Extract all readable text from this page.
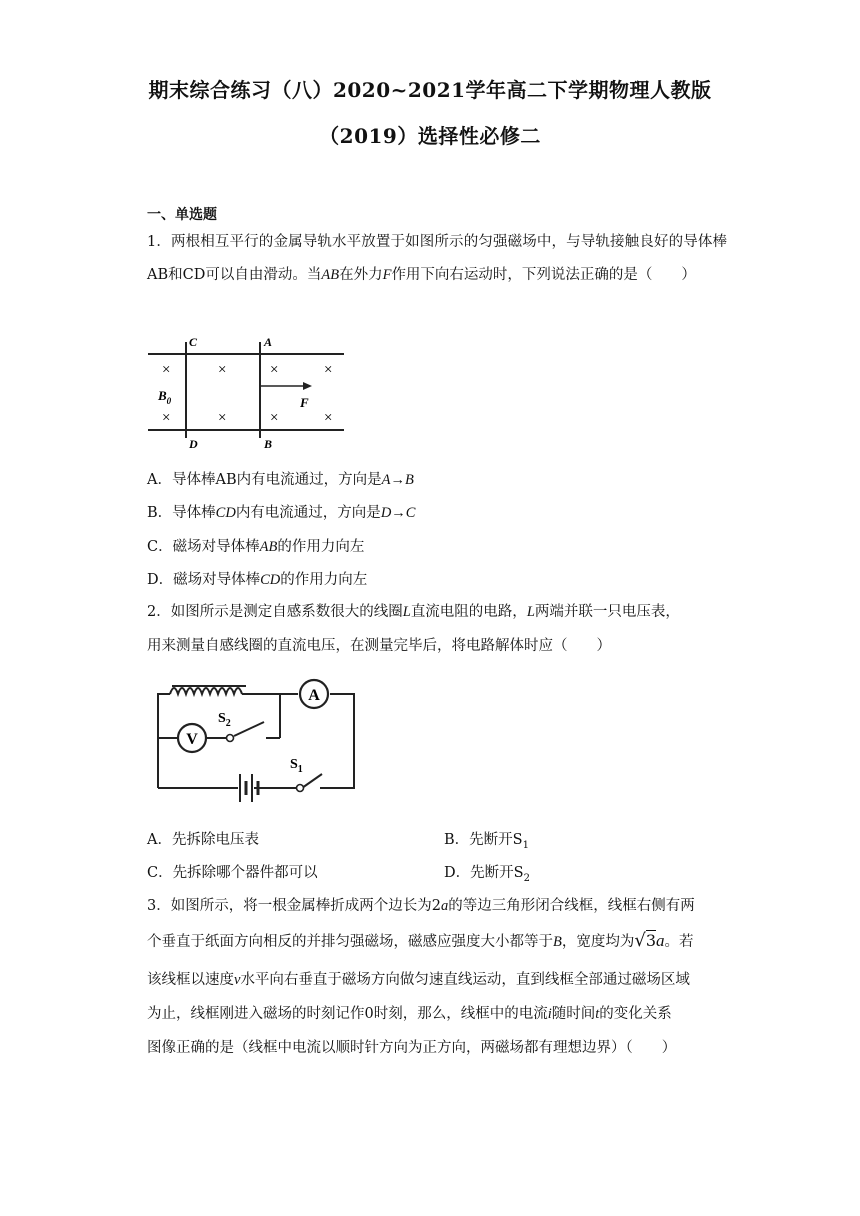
期末综合练习（八）2020~2021学年高二下学期物理人教版
（2019）选择性必修二
一、单选题
1．两根相互平行的金属导轨水平放置于如图所示的匀强磁场中，与导轨接触良好的导体棒AB和CD可以自由滑动。当AB在外力F作用下向右运动时，下列说法正确的是（　　）
C	A
D	B
$B_0$	F
×	×	×	×
×	×	×	×
A．导体棒AB内有电流通过，方向是A→B
B．导体棒CD内有电流通过，方向是D→C
C．磁场对导体棒AB的作用力向左
D．磁场对导体棒CD的作用力向左
2．如图所示是测定自感系数很大的线圈L直流电阻的电路，L两端并联一只电压表，
用来测量自感线圈的直流电压，在测量完毕后，将电路解体时应（　　）
A
V
$S_2$
$S_1$
A．先拆除电压表	B．先断开$S_1$
C．先拆除哪个器件都可以	D．先断开$S_2$
3．如图所示，将一根金属棒折成两个边长为2a的等边三角形闭合线框，线框右侧有两
个垂直于纸面方向相反的并排匀强磁场，磁感应强度大小都等于B，宽度均为√3a。若
该线框以速度v水平向右垂直于磁场方向做匀速直线运动，直到线框全部通过磁场区域
为止，线框刚进入磁场的时刻记作0时刻，那么，线框中的电流i随时间t的变化关系
图像正确的是（线框中电流以顺时针方向为正方向，两磁场都有理想边界）（　　）
